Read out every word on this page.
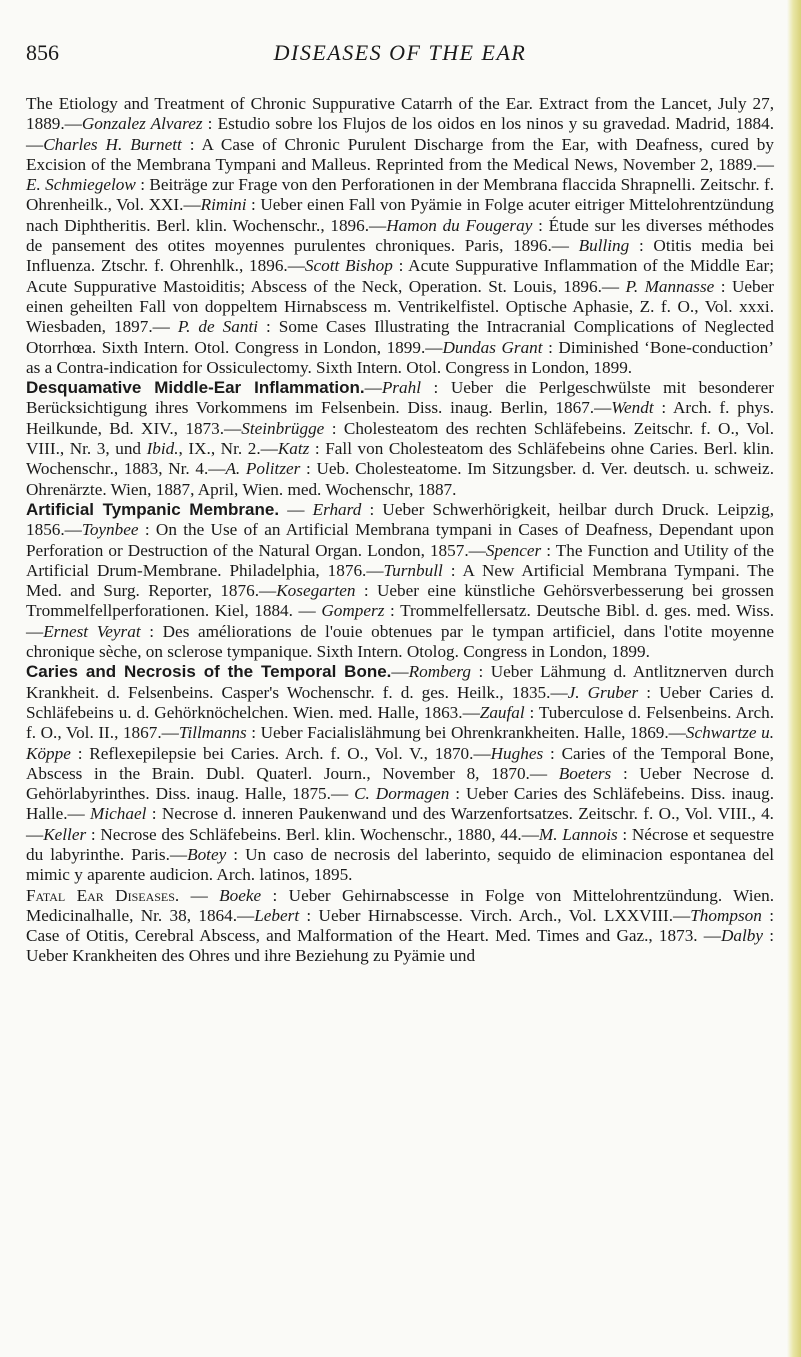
856	DISEASES OF THE EAR

The Etiology and Treatment of Chronic Suppurative Catarrh of the Ear. Extract from the Lancet, July 27, 1889.—Gonzalez Alvarez : Estudio sobre los Flujos de los oidos en los ninos y su gravedad. Madrid, 1884.—Charles H. Burnett : A Case of Chronic Purulent Discharge from the Ear, with Deafness, cured by Excision of the Membrana Tympani and Malleus. Reprinted from the Medical News, November 2, 1889.—E. Schmiegelow : Beiträge zur Frage von den Perforationen in der Membrana flaccida Shrapnelli. Zeitschr. f. Ohrenheilk., Vol. XXI.—Rimini : Ueber einen Fall von Pyämie in Folge acuter eitriger Mittelohrentzündung nach Diphtheritis. Berl. klin. Wochenschr., 1896.—Hamon du Fougeray : Étude sur les diverses méthodes de pansement des otites moyennes purulentes chroniques. Paris, 1896.— Bulling : Otitis media bei Influenza. Ztschr. f. Ohrenhlk., 1896.—Scott Bishop : Acute Suppurative Inflammation of the Middle Ear; Acute Suppurative Mastoiditis; Abscess of the Neck, Operation. St. Louis, 1896.— P. Mannasse : Ueber einen geheilten Fall von doppeltem Hirnabscess m. Ventrikelfistel. Optische Aphasie, Z. f. O., Vol. xxxi. Wiesbaden, 1897.— P. de Santi : Some Cases Illustrating the Intracranial Complications of Neglected Otorrhœa. Sixth Intern. Otol. Congress in London, 1899.—Dundas Grant : Diminished ‘Bone-conduction’ as a Contra-indication for Ossiculectomy. Sixth Intern. Otol. Congress in London, 1899.

Desquamative Middle-Ear Inflammation.—Prahl : Ueber die Perlgeschwülste mit besonderer Berücksichtigung ihres Vorkommens im Felsenbein. Diss. inaug. Berlin, 1867.—Wendt : Arch. f. phys. Heilkunde, Bd. XIV., 1873.—Steinbrügge : Cholesteatom des rechten Schläfebeins. Zeitschr. f. O., Vol. VIII., Nr. 3, und Ibid., IX., Nr. 2.—Katz : Fall von Cholesteatom des Schläfebeins ohne Caries. Berl. klin. Wochenschr., 1883, Nr. 4.—A. Politzer : Ueb. Cholesteatome. Im Sitzungsber. d. Ver. deutsch. u. schweiz. Ohrenärzte. Wien, 1887, April, Wien. med. Wochenschr, 1887.

Artificial Tympanic Membrane. — Erhard : Ueber Schwerhörigkeit, heilbar durch Druck. Leipzig, 1856.—Toynbee : On the Use of an Artificial Membrana tympani in Cases of Deafness, Dependant upon Perforation or Destruction of the Natural Organ. London, 1857.—Spencer : The Function and Utility of the Artificial Drum-Membrane. Philadelphia, 1876.—Turnbull : A New Artificial Membrana Tympani. The Med. and Surg. Reporter, 1876.—Kosegarten : Ueber eine künstliche Gehörsverbesserung bei grossen Trommelfellperforationen. Kiel, 1884. — Gomperz : Trommelfellersatz. Deutsche Bibl. d. ges. med. Wiss.—Ernest Veyrat : Des améliorations de l'ouie obtenues par le tympan artificiel, dans l'otite moyenne chronique sèche, on sclerose tympanique. Sixth Intern. Otolog. Congress in London, 1899.

Caries and Necrosis of the Temporal Bone.—Romberg : Ueber Lähmung d. Antlitznerven durch Krankheit. d. Felsenbeins. Casper's Wochenschr. f. d. ges. Heilk., 1835.—J. Gruber : Ueber Caries d. Schläfebeins u. d. Gehörknöchelchen. Wien. med. Halle, 1863.—Zaufal : Tuberculose d. Felsenbeins. Arch. f. O., Vol. II., 1867.—Tillmanns : Ueber Facialislähmung bei Ohrenkrankheiten. Halle, 1869.—Schwartze u. Köppe : Reflexepilepsie bei Caries. Arch. f. O., Vol. V., 1870.—Hughes : Caries of the Temporal Bone, Abscess in the Brain. Dubl. Quaterl. Journ., November 8, 1870.— Boeters : Ueber Necrose d. Gehörlabyrinthes. Diss. inaug. Halle, 1875.— C. Dormagen : Ueber Caries des Schläfebeins. Diss. inaug. Halle.— Michael : Necrose d. inneren Paukenwand und des Warzenfortsatzes. Zeitschr. f. O., Vol. VIII., 4.—Keller : Necrose des Schläfebeins. Berl. klin. Wochenschr., 1880, 44.—M. Lannois : Nécrose et sequestre du labyrinthe. Paris.—Botey : Un caso de necrosis del laberinto, sequido de eliminacion espontanea del mimic y aparente audicion. Arch. latinos, 1895.

Fatal Ear Diseases. — Boeke : Ueber Gehirnabscesse in Folge von Mittelohrentzündung. Wien. Medicinalhalle, Nr. 38, 1864.—Lebert : Ueber Hirnabscesse. Virch. Arch., Vol. LXXVIII.—Thompson : Case of Otitis, Cerebral Abscess, and Malformation of the Heart. Med. Times and Gaz., 1873. —Dalby : Ueber Krankheiten des Ohres und ihre Beziehung zu Pyämie und
